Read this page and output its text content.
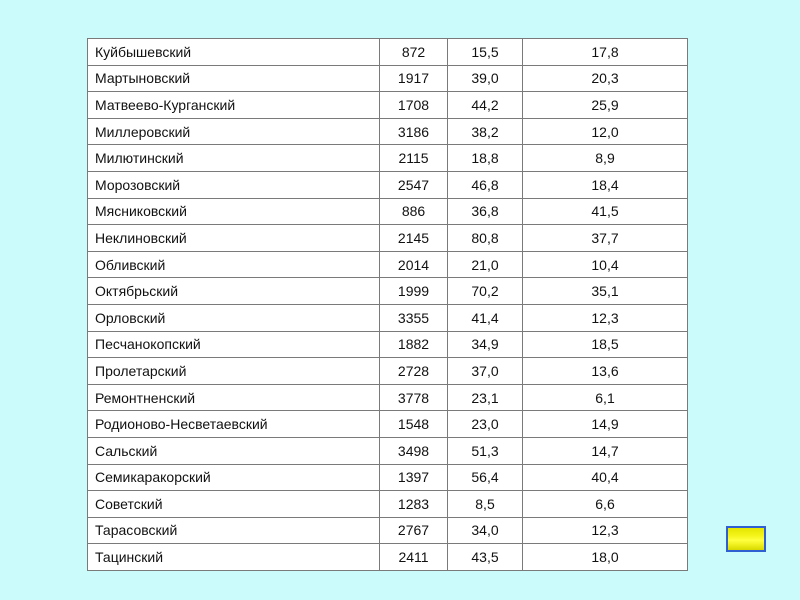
Куйбышевский	872	15,5	17,8
Мартыновский	1917	39,0	20,3
Матвеево-Курганский	1708	44,2	25,9
Миллеровский	3186	38,2	12,0
Милютинский	2115	18,8	8,9
Морозовский	2547	46,8	18,4
Мясниковский	886	36,8	41,5
Неклиновский	2145	80,8	37,7
Обливский	2014	21,0	10,4
Октябрьский	1999	70,2	35,1
Орловский	3355	41,4	12,3
Песчанокопский	1882	34,9	18,5
Пролетарский	2728	37,0	13,6
Ремонтненский	3778	23,1	6,1
Родионово-Несветаевский	1548	23,0	14,9
Сальский	3498	51,3	14,7
Семикаракорский	1397	56,4	40,4
Советский	1283	8,5	6,6
Тарасовский	2767	34,0	12,3
Тацинский	2411	43,5	18,0
